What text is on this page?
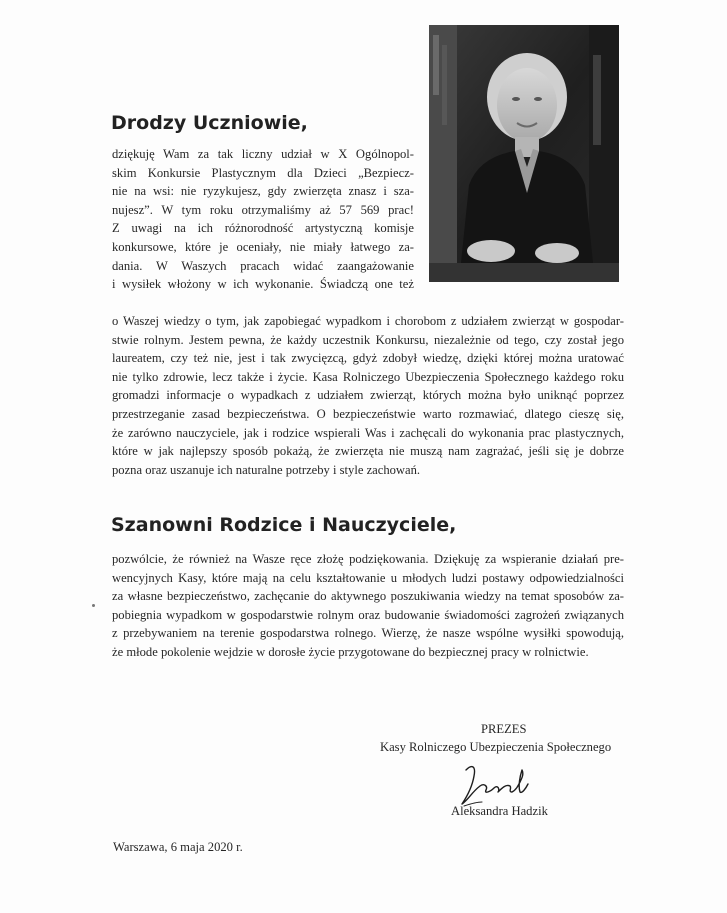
Drodzy Uczniowie,

dziękuję Wam za tak liczny udział w X Ogólnopol-

skim Konkursie Plastycznym dla Dzieci „Bezpiecz-

nie na wsi: nie ryzykujesz, gdy zwierzęta znasz i sza-

nujesz”. W tym roku otrzymaliśmy aż 57 569 prac!

Z uwagi na ich różnorodność artystyczną komisje

konkursowe, które je oceniały, nie miały łatwego za-

dania. W Waszych pracach widać zaangażowanie

i wysiłek włożony w ich wykonanie. Świadczą one też

o Waszej wiedzy o tym, jak zapobiegać wypadkom i chorobom z udziałem zwierząt w gospodar-

stwie rolnym. Jestem pewna, że każdy uczestnik Konkursu, niezależnie od tego, czy został jego

laureatem, czy też nie, jest i tak zwycięzcą, gdyż zdobył wiedzę, dzięki której można uratować

nie tylko zdrowie, lecz także i życie. Kasa Rolniczego Ubezpieczenia Społecznego każdego roku

gromadzi informacje o wypadkach z udziałem zwierząt, których można było uniknąć poprzez

przestrzeganie zasad bezpieczeństwa. O bezpieczeństwie warto rozmawiać, dlatego cieszę się,

że zarówno nauczyciele, jak i rodzice wspierali Was i zachęcali do wykonania prac plastycznych,

które w jak najlepszy sposób pokażą, że zwierzęta nie muszą nam zagrażać, jeśli się je dobrze

pozna oraz uszanuje ich naturalne potrzeby i style zachowań.

Szanowni Rodzice i Nauczyciele,

pozwólcie, że również na Wasze ręce złożę podziękowania. Dziękuję za wspieranie działań pre-

wencyjnych Kasy, które mają na celu kształtowanie u młodych ludzi postawy odpowiedzialności

za własne bezpieczeństwo, zachęcanie do aktywnego poszukiwania wiedzy na temat sposobów za-

pobiegnia wypadkom w gospodarstwie rolnym oraz budowanie świadomości zagrożeń związanych

z przebywaniem na terenie gospodarstwa rolnego. Wierzę, że nasze wspólne wysiłki spowodują,

że młode pokolenie wejdzie w dorosłe życie przygotowane do bezpiecznej pracy w rolnictwie.

PREZES
Kasy Rolniczego Ubezpieczenia Społecznego
Aleksandra Hadzik
Warszawa, 6 maja 2020 r.
